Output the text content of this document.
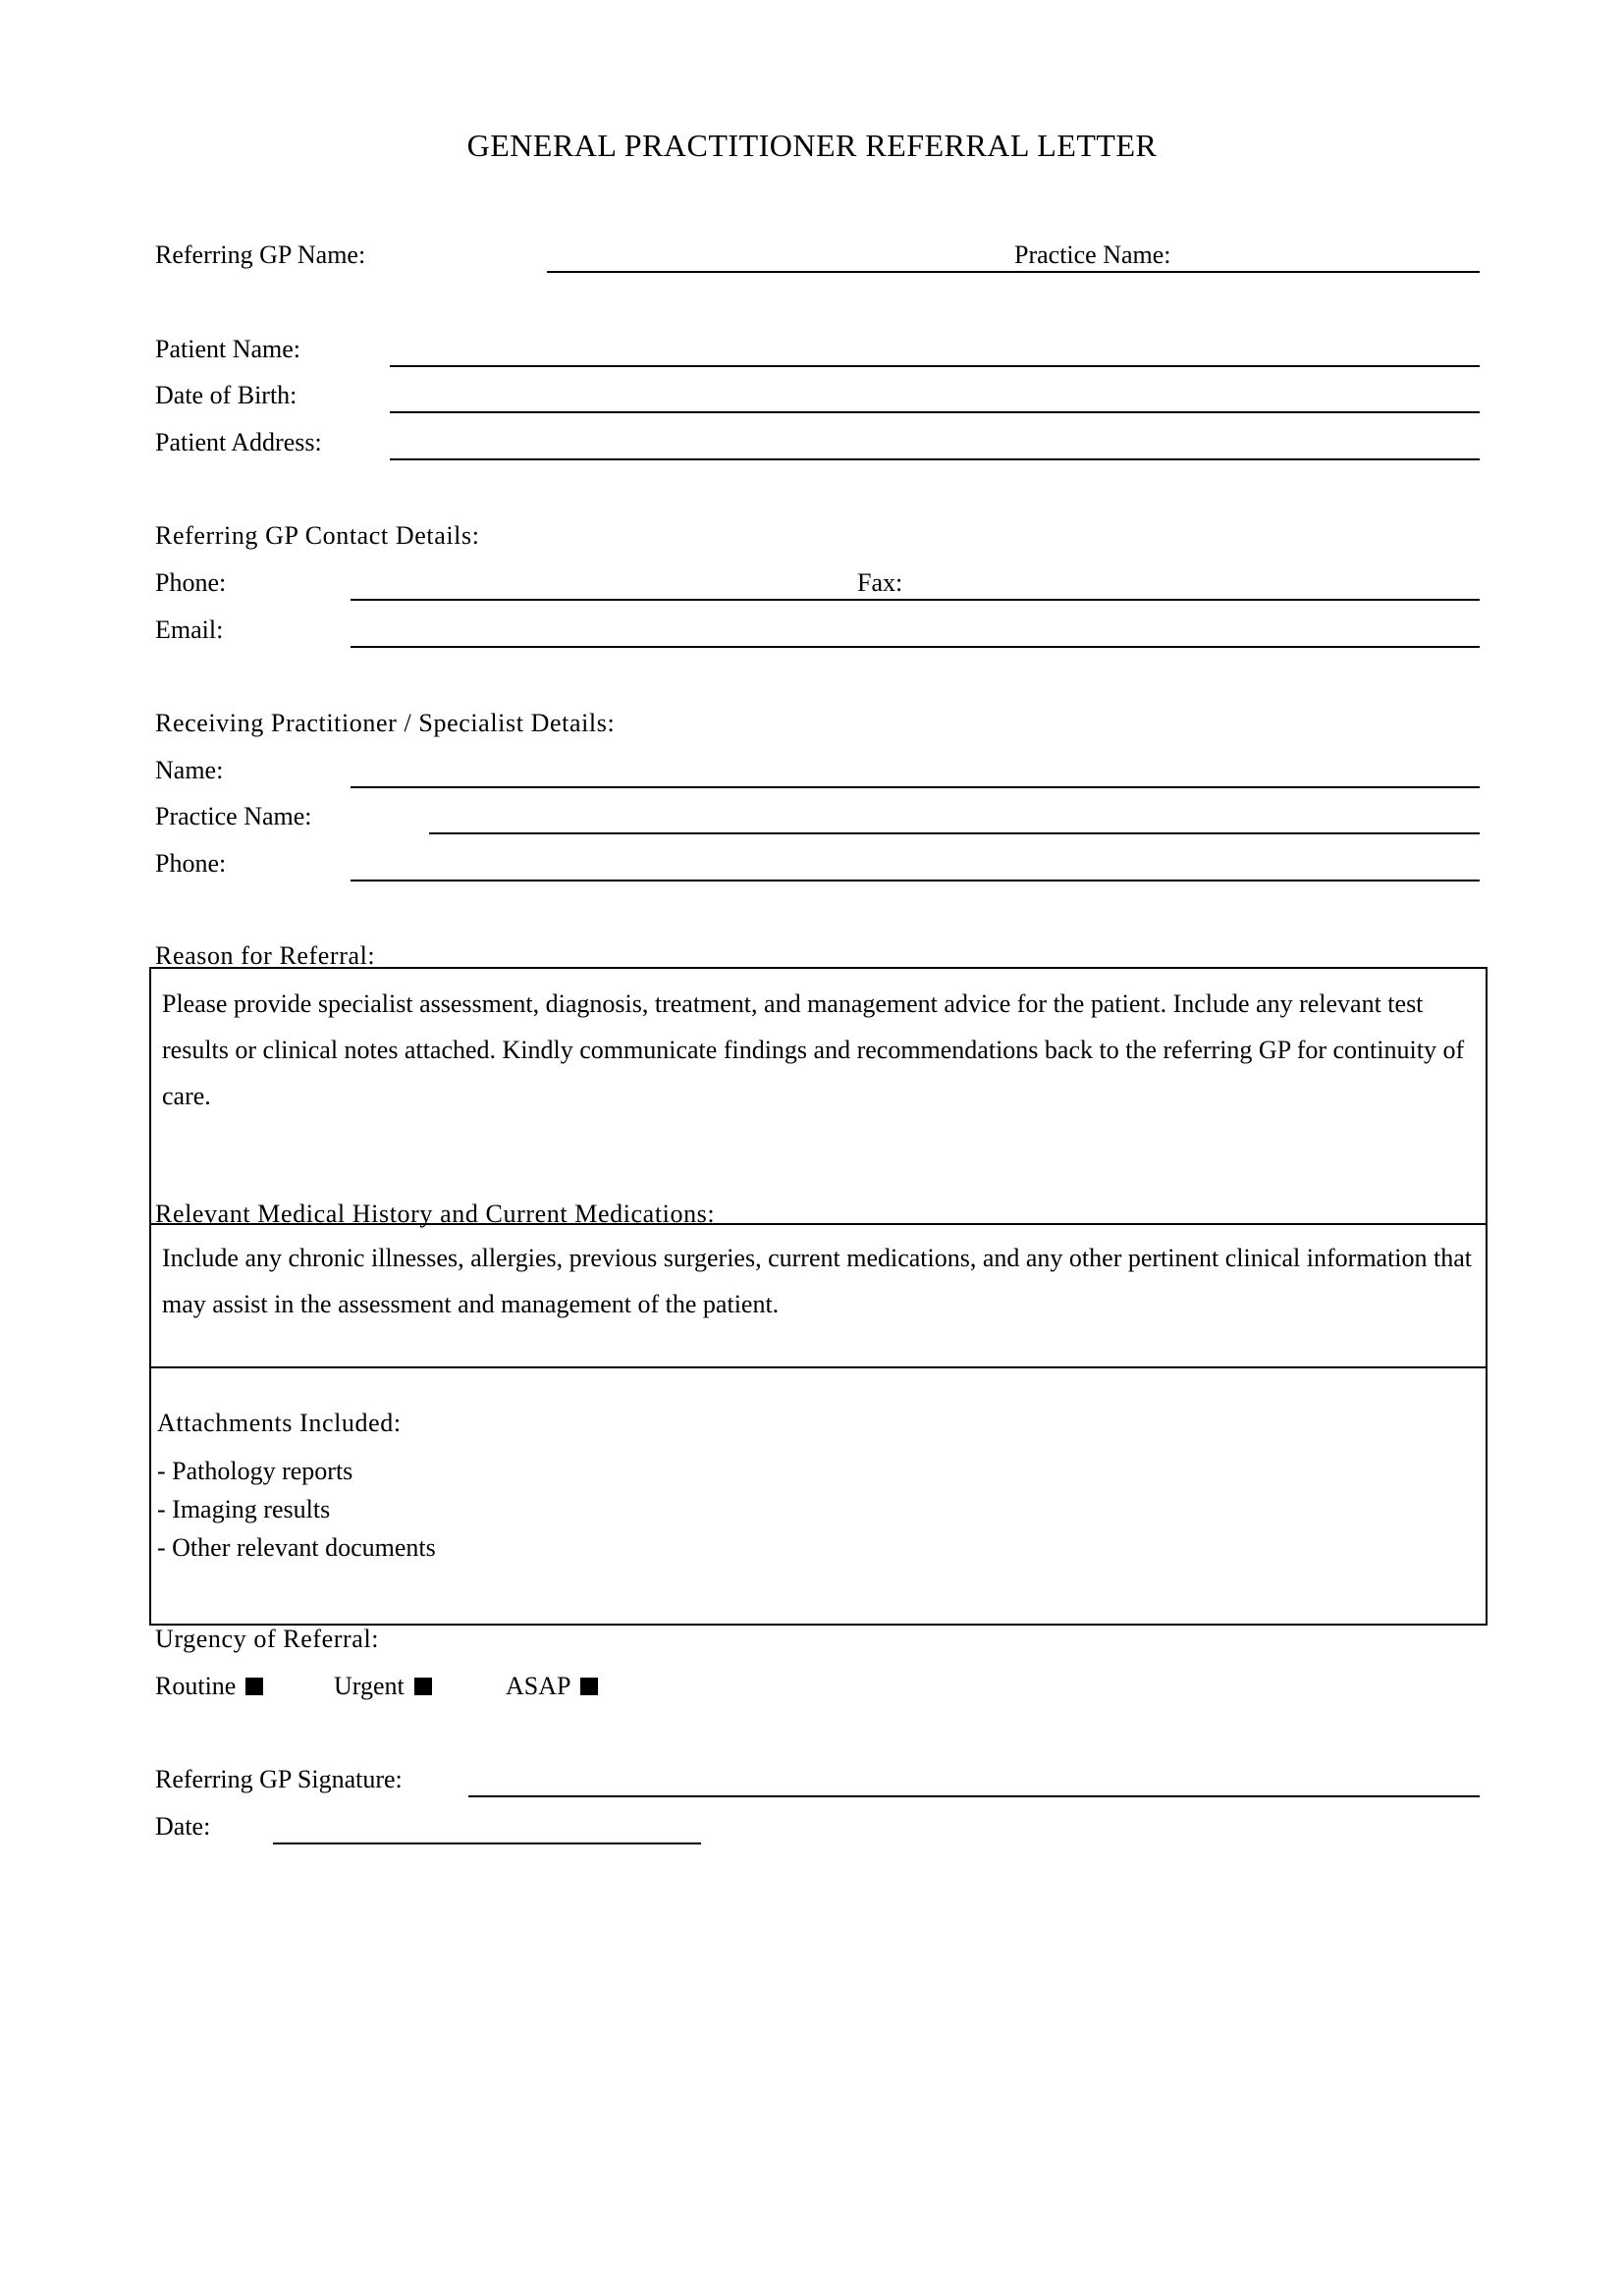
GENERAL PRACTITIONER REFERRAL LETTER
Referring GP Name:	Practice Name:
Patient Name:
Date of Birth:
Patient Address:
Referring GP Contact Details:
Phone:	Fax:
Email:
Receiving Practitioner / Specialist Details:
Name:
Practice Name:
Phone:
Reason for Referral:
Please provide specialist assessment, diagnosis, treatment, and management advice for the patient. Include any relevant test results or clinical notes attached. Kindly communicate findings and recommendations back to the referring GP for continuity of care.
Relevant Medical History and Current Medications:
Include any chronic illnesses, allergies, previous surgeries, current medications, and any other pertinent clinical information that may assist in the assessment and management of the patient.
Attachments Included:
- Pathology reports
- Imaging results
- Other relevant documents
Urgency of Referral:
Routine	Urgent	ASAP
Referring GP Signature:
Date:
